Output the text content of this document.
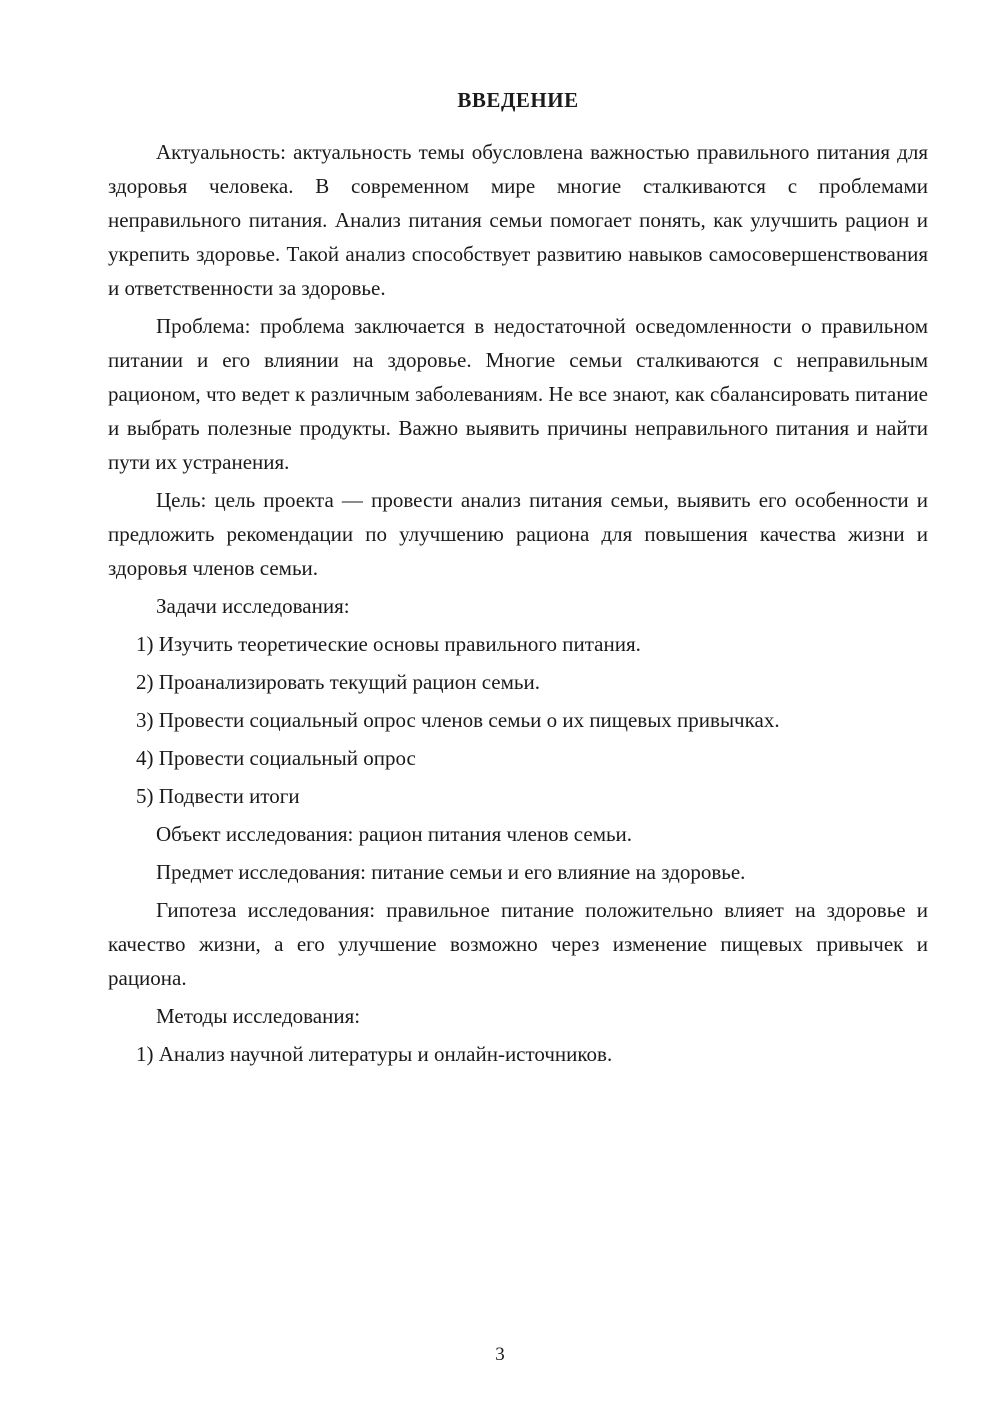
ВВЕДЕНИЕ

Актуальность: актуальность темы обусловлена важностью правильного питания для здоровья человека. В современном мире многие сталкиваются с проблемами неправильного питания. Анализ питания семьи помогает понять, как улучшить рацион и укрепить здоровье. Такой анализ способствует развитию навыков самосовершенствования и ответственности за здоровье.

Проблема: проблема заключается в недостаточной осведомленности о правильном питании и его влиянии на здоровье. Многие семьи сталкиваются с неправильным рационом, что ведет к различным заболеваниям. Не все знают, как сбалансировать питание и выбрать полезные продукты. Важно выявить причины неправильного питания и найти пути их устранения.

Цель: цель проекта — провести анализ питания семьи, выявить его особенности и предложить рекомендации по улучшению рациона для повышения качества жизни и здоровья членов семьи.

Задачи исследования:

1) Изучить теоретические основы правильного питания.

2) Проанализировать текущий рацион семьи.

3) Провести социальный опрос членов семьи о их пищевых привычках.

4) Провести социальный опрос

5) Подвести итоги

Объект исследования: рацион питания членов семьи.

Предмет исследования: питание семьи и его влияние на здоровье.

Гипотеза исследования: правильное питание положительно влияет на здоровье и качество жизни, а его улучшение возможно через изменение пищевых привычек и рациона.

Методы исследования:

1) Анализ научной литературы и онлайн-источников.

3
